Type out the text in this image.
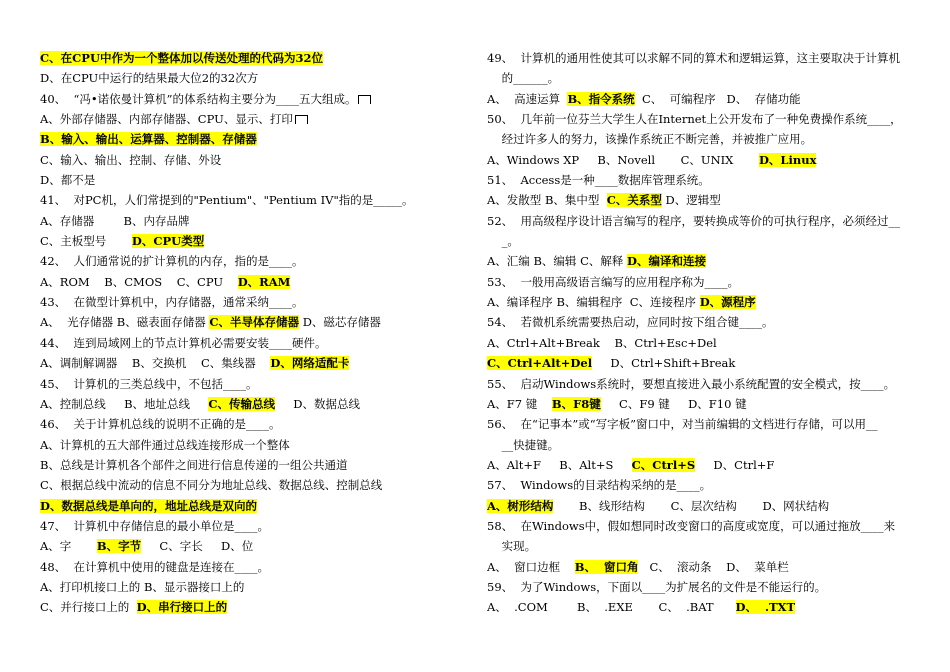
C、在CPU中作为一个整体加以传送处理的代码为32位
D、在CPU中运行的结果最大位2的32次方
40、  “冯•诺依曼计算机”的体系结构主要分为____五大组成。
A、外部存储器、内部存储器、CPU、显示、打印
B、输入、输出、运算器、控制器、存储器
C、输入、输出、控制、存储、外设
D、都不是
41、  对PC机，人们常提到的"Pentium"、"Pentium IV"指的是_____。
A、存储器        B、内存品牌
C、主板型号       D、CPU类型
42、  人们通常说的扩计算机的内存，指的是____。
A、ROM    B、CMOS    C、CPU    D、RAM
43、  在微型计算机中，内存储器，通常采纳____。
A、  光存储器 B、磁表面存储器 C、半导体存储器 D、磁芯存储器
44、  连到局域网上的节点计算机必需要安装____硬件。
A、调制解调器    B、交换机    C、集线器    D、网络适配卡
45、  计算机的三类总线中，不包括____。
A、控制总线     B、地址总线     C、传输总线     D、数据总线
46、  关于计算机总线的说明不正确的是____。
A、计算机的五大部件通过总线连接形成一个整体
B、总线是计算机各个部件之间进行信息传递的一组公共通道
C、根据总线中流动的信息不同分为地址总线、数据总线、控制总线
D、数据总线是单向的，地址总线是双向的
47、  计算机中存储信息的最小单位是____。
A、字       B、字节     C、字长     D、位
48、  在计算机中使用的键盘是连接在____。
A、打印机接口上的 B、显示器接口上的
C、并行接口上的  D、串行接口上的
49、  计算机的通用性使其可以求解不同的算术和逻辑运算，这主要取决于计算机
的______。
A、  高速运算  B、指令系统  C、  可编程序   D、  存储功能
50、  几年前一位芬兰大学生人在Internet上公开发布了一种免费操作系统____，
经过许多人的努力，该操作系统正不断完善，并被推广应用。
A、Windows XP     B、Novell       C、UNIX       D、Linux
51、  Access是一种____数据库管理系统。
A、发散型 B、集中型  C、关系型 D、逻辑型
52、  用高级程序设计语言编写的程序，要转换成等价的可执行程序，必须经过__
_。
A、汇编 B、编辑 C、解释 D、编译和连接
53、  一般用高级语言编写的应用程序称为____。
A、编译程序 B、编辑程序  C、连接程序 D、源程序
54、  若微机系统需要热启动，应同时按下组合键____。
A、Ctrl+Alt+Break    B、Ctrl+Esc+Del
C、Ctrl+Alt+Del     D、Ctrl+Shift+Break
55、  启动Windows系统时，要想直接进入最小系统配置的安全模式，按____。
A、F7 键    B、F8键     C、F9 键     D、F10 键
56、  在“记事本”或“写字板”窗口中，对当前编辑的文档进行存储，可以用__
__快捷键。
A、Alt+F     B、Alt+S     C、Ctrl+S     D、Ctrl+F
57、  Windows的目录结构采纳的是____。
A、树形结构       B、线形结构       C、层次结构       D、网状结构
58、  在Windows中，假如想同时改变窗口的高度或宽度，可以通过拖放____来
实现。
A、  窗口边框    B、  窗口角   C、  滚动条    D、  菜单栏
59、  为了Windows，下面以____为扩展名的文件是不能运行的。
A、  .COM        B、  .EXE       C、  .BAT      D、  .TXT
